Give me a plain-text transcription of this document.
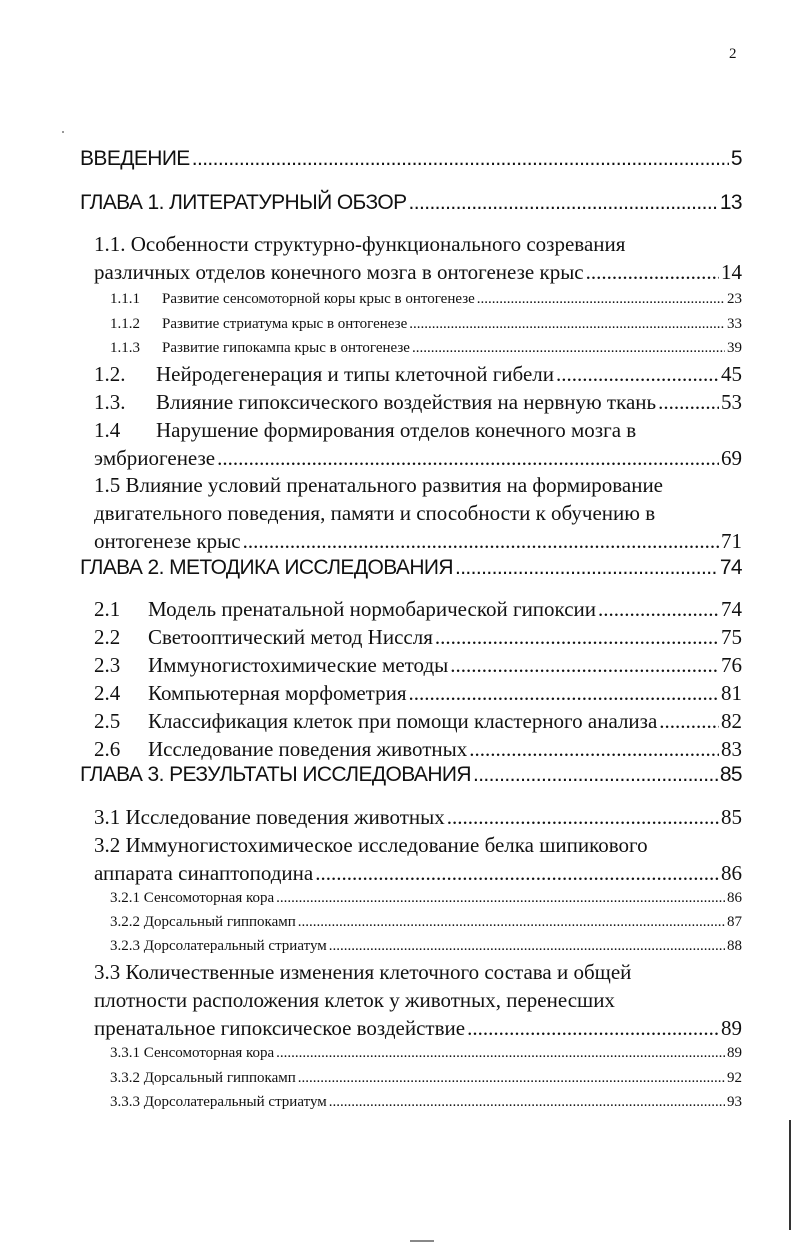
2
ВВЕДЕНИЕ .....	5
ГЛАВА 1. ЛИТЕРАТУРНЫЙ ОБЗОР .....	13
1.1. Особенности структурно-функционального созревания
различных отделов конечного мозга в онтогенезе крыс .....	14
1.1.1 Развитие сенсомоторной коры крыс в онтогенезе .....	23
1.1.2 Развитие стриатума крыс в онтогенезе .....	33
1.1.3 Развитие гипокампа крыс в онтогенезе .....	39
1.2. Нейродегенерация и типы клеточной гибели .....	45
1.3. Влияние гипоксического воздействия на нервную ткань .....	53
1.4 Нарушение формирования отделов конечного мозга в
эмбриогенезе .....	69
1.5 Влияние условий пренатального развития на формирование
двигательного поведения, памяти и способности к обучению в
онтогенезе крыс .....	71
ГЛАВА 2. МЕТОДИКА ИССЛЕДОВАНИЯ .....	74
2.1 Модель пренатальной нормобарической гипоксии .....	74
2.2 Светооптический метод Ниссля .....	75
2.3 Иммуногистохимические методы .....	76
2.4 Компьютерная морфометрия .....	81
2.5 Классификация клеток при помощи кластерного анализа .....	82
2.6 Исследование поведения животных .....	83
ГЛАВА 3. РЕЗУЛЬТАТЫ ИССЛЕДОВАНИЯ .....	85
3.1 Исследование поведения животных .....	85
3.2 Иммуногистохимическое исследование белка шипикового
аппарата синаптоподина .....	86
3.2.1 Сенсомоторная кора .....	86
3.2.2 Дорсальный гиппокамп .....	87
3.2.3 Дорсолатеральный стриатум .....	88
3.3 Количественные изменения клеточного состава и общей
плотности расположения клеток у животных, перенесших
пренатальное гипоксическое воздействие .....	89
3.3.1 Сенсомоторная кора .....	89
3.3.2 Дорсальный гиппокамп .....	92
3.3.3 Дорсолатеральный стриатум .....	93
